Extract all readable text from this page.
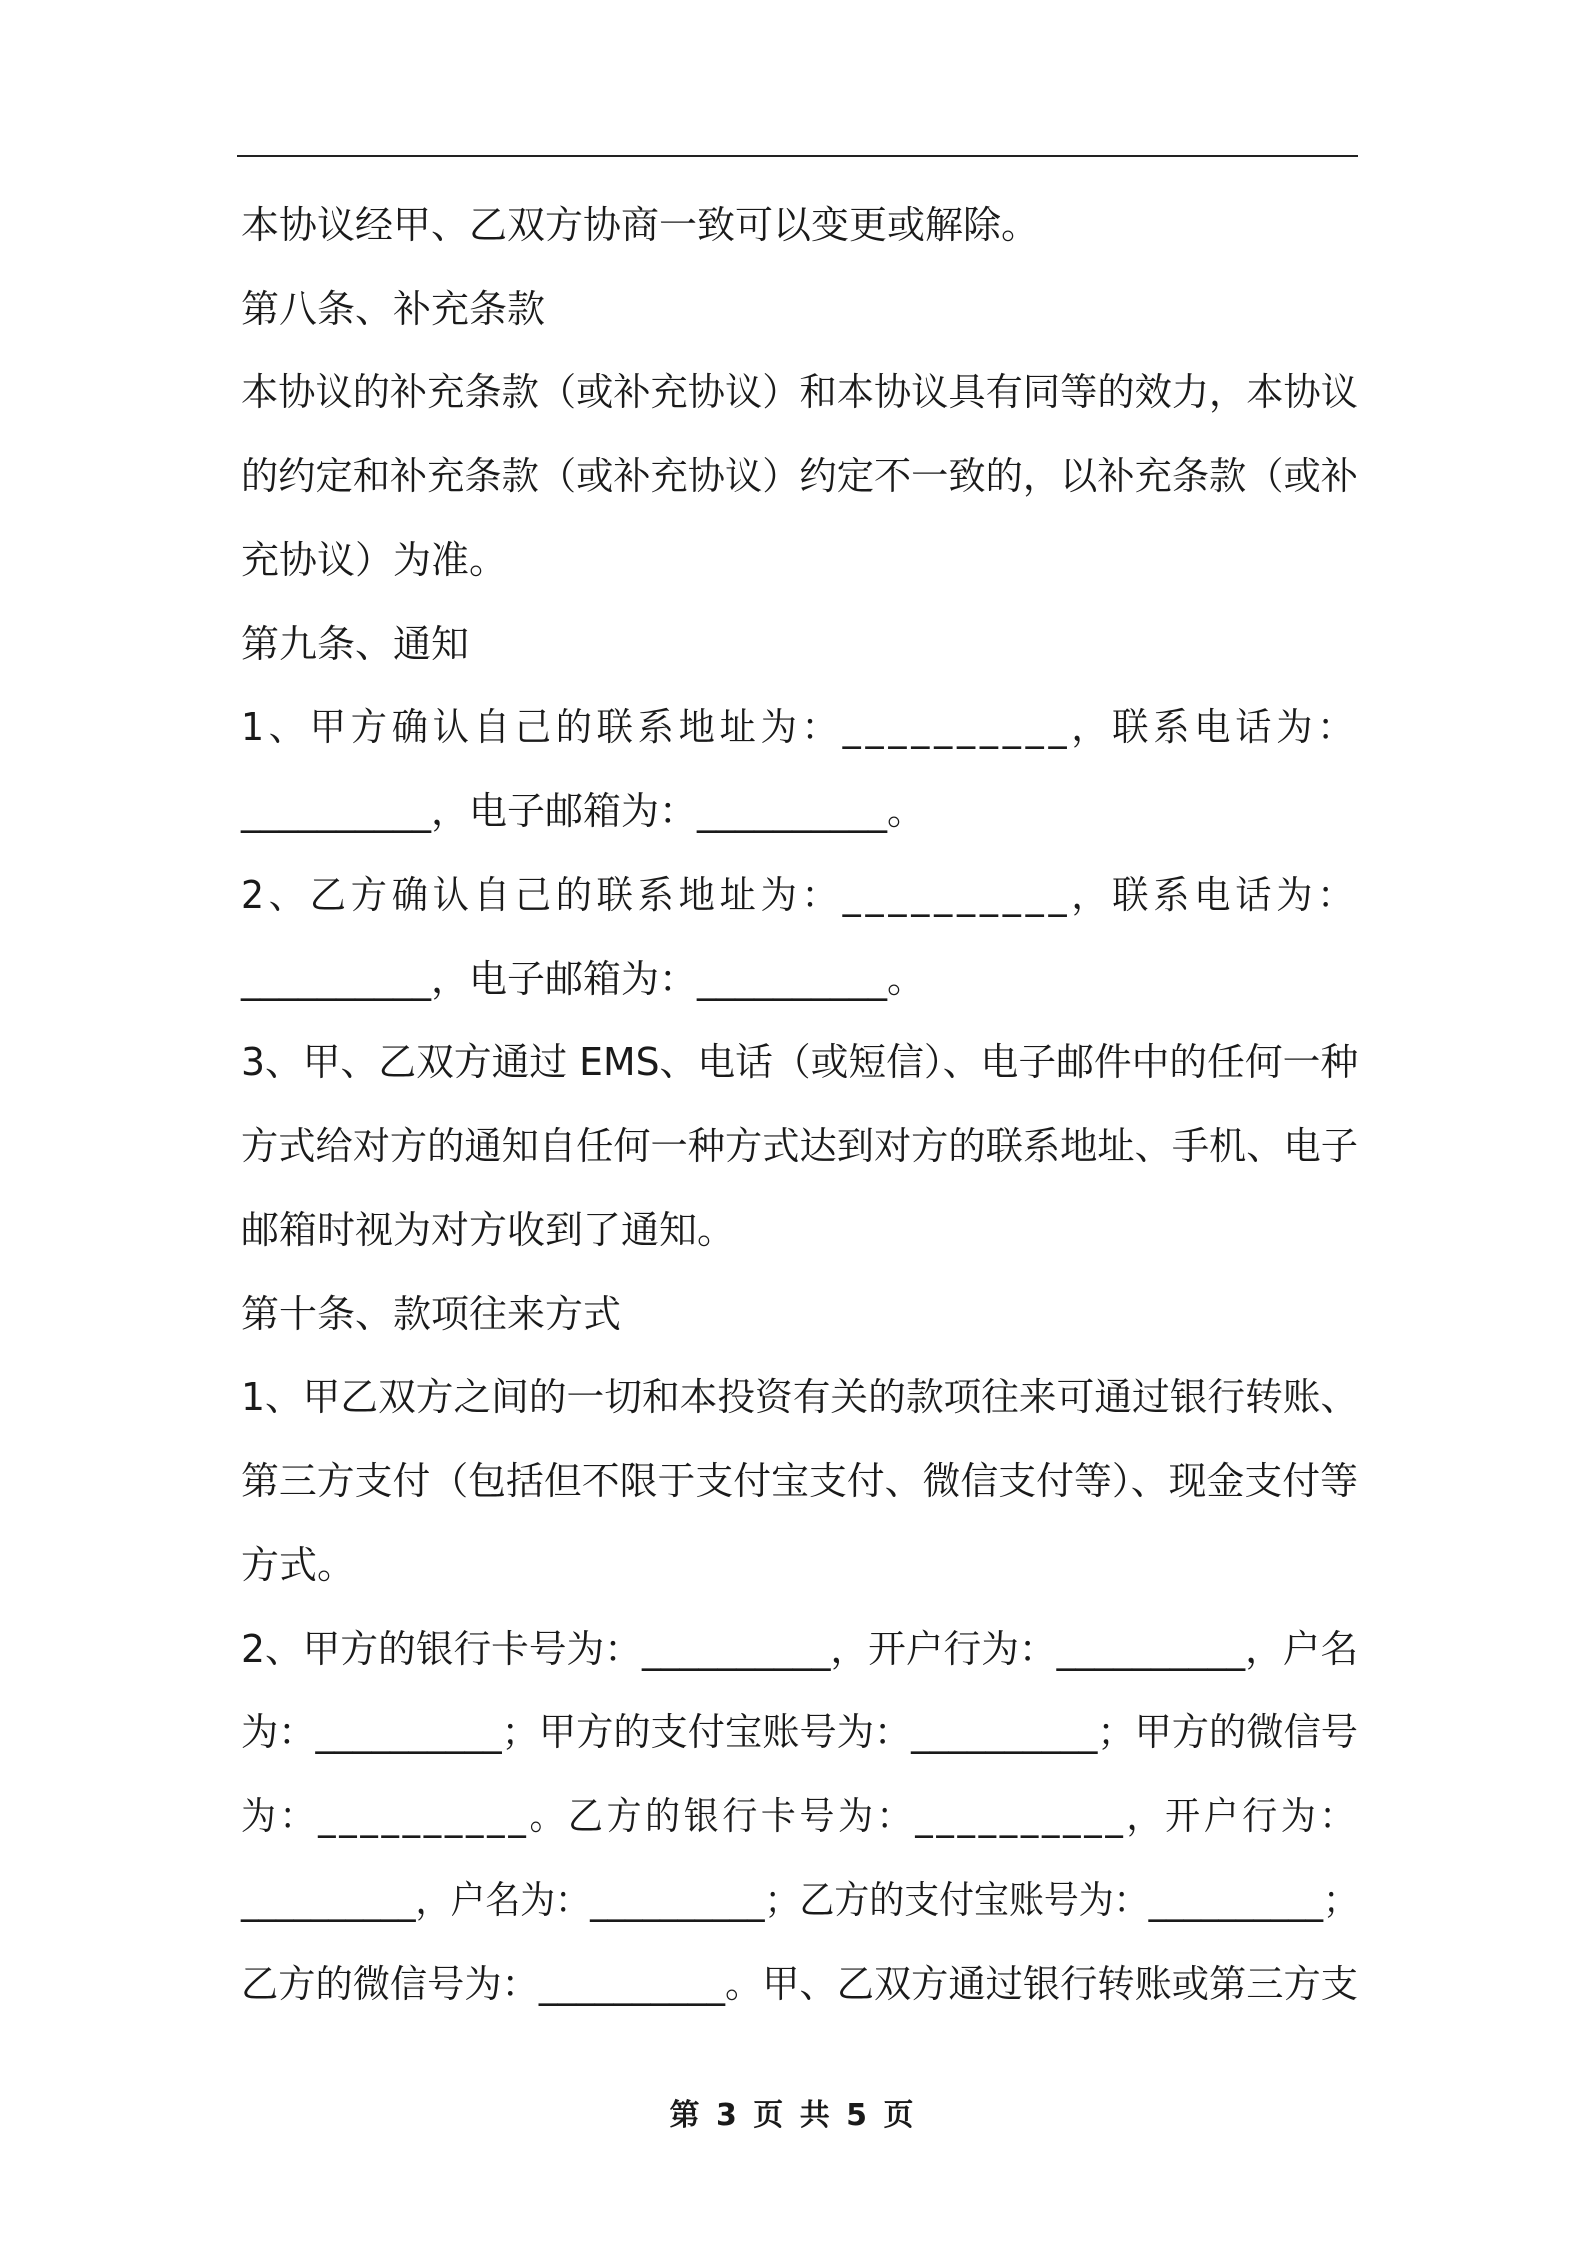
本协议经甲、乙双方协商一致可以变更或解除。
第八条、补充条款
本协议的补充条款（或补充协议）和本协议具有同等的效力，本协议
的约定和补充条款（或补充协议）约定不一致的，以补充条款（或补
充协议）为准。
第九条、通知
1、甲方确认自己的联系地址为：__________，联系电话为：
__________，电子邮箱为：__________。
2、乙方确认自己的联系地址为：__________，联系电话为：
__________，电子邮箱为：__________。
3、甲、乙双方通过 EMS、电话（或短信）、电子邮件中的任何一种
方式给对方的通知自任何一种方式达到对方的联系地址、手机、电子
邮箱时视为对方收到了通知。
第十条、款项往来方式
1、甲乙双方之间的一切和本投资有关的款项往来可通过银行转账、
第三方支付（包括但不限于支付宝支付、微信支付等）、现金支付等
方式。
2、甲方的银行卡号为：__________，开户行为：__________，户名
为：__________；甲方的支付宝账号为：__________；甲方的微信号
为：__________。乙方的银行卡号为：__________，开户行为：
__________，户名为：__________；乙方的支付宝账号为：__________；
乙方的微信号为：__________。甲、乙双方通过银行转账或第三方支
第 3 页 共 5 页
